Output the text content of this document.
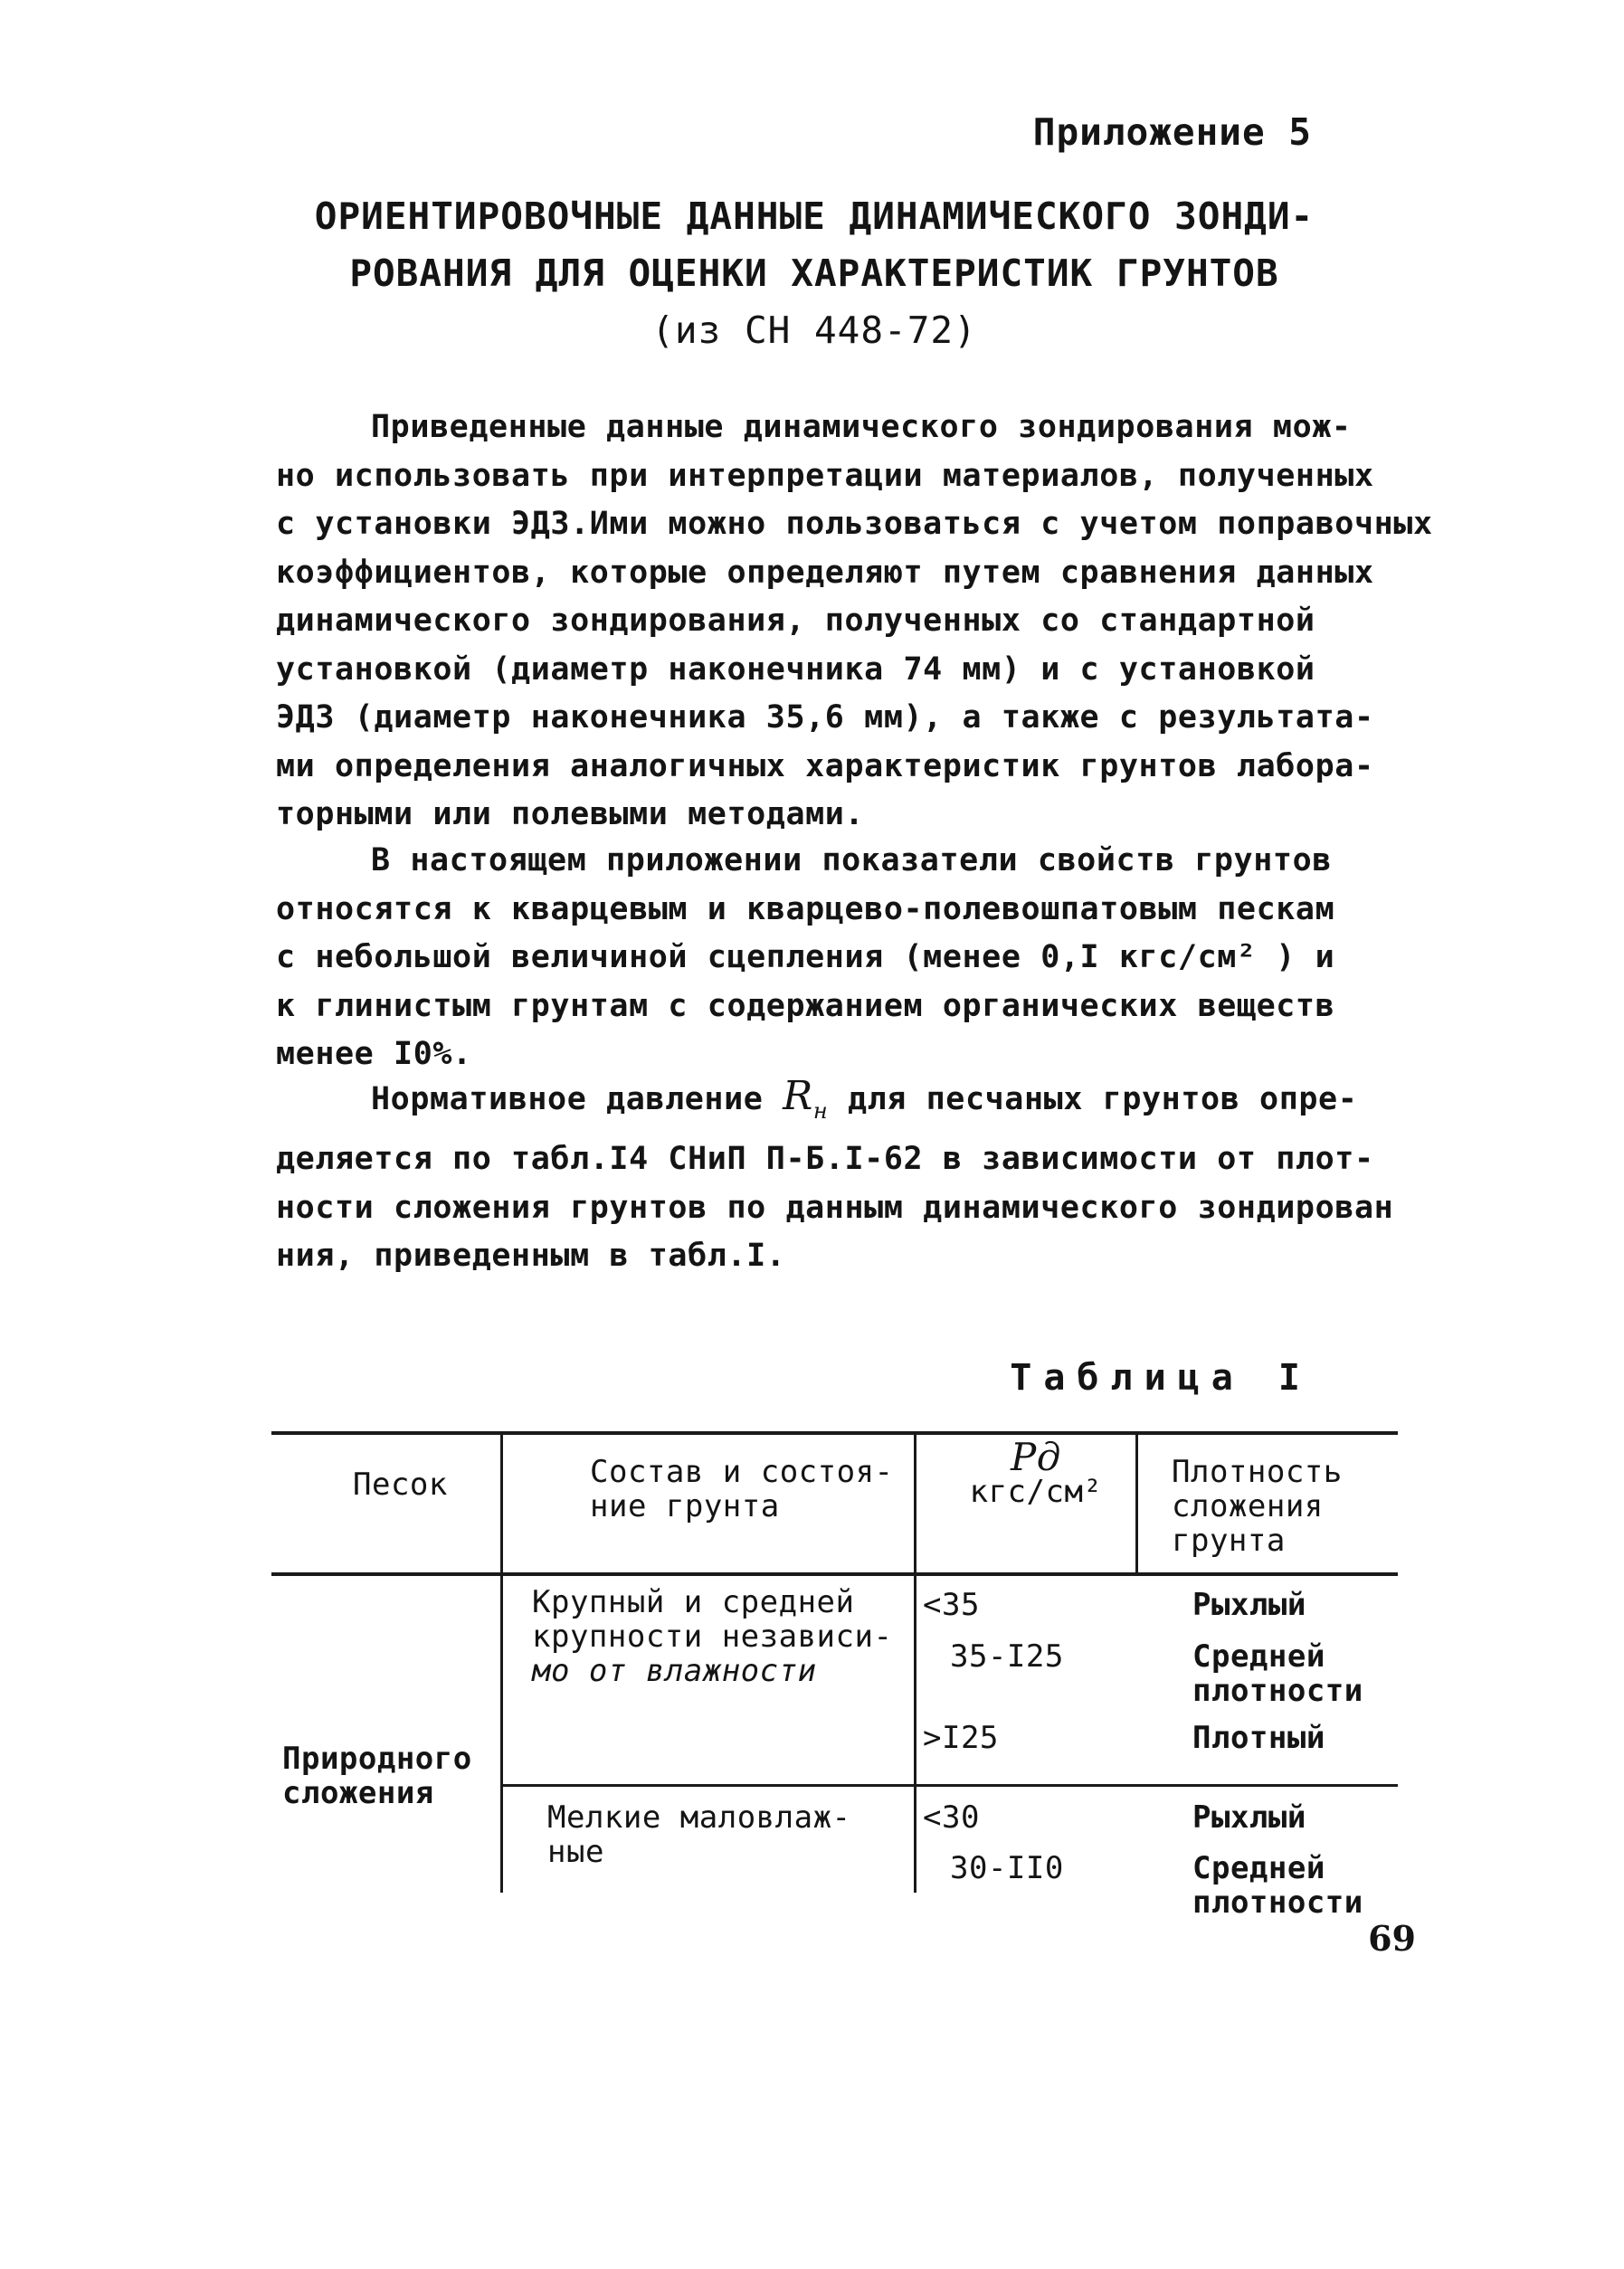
Приложение 5
ОРИЕНТИРОВОЧНЫЕ ДАННЫЕ ДИНАМИЧЕСКОГО ЗОНДИ-
РОВАНИЯ ДЛЯ ОЦЕНКИ ХАРАКТЕРИСТИК ГРУНТОВ
(из СН 448-72)
Приведенные данные динамического зондирования мож-
но использовать при интерпретации материалов, полученных
с установки ЭДЗ.Ими можно пользоваться с учетом поправочных
коэффициентов, которые определяют путем сравнения данных
динамического зондирования, полученных со стандартной
установкой (диаметр наконечника 74 мм) и с установкой
ЭДЗ (диаметр наконечника 35,6 мм), а также с результата-
ми определения аналогичных характеристик грунтов лабора-
торными или полевыми методами.
В настоящем приложении показатели свойств грунтов
относятся к кварцевым и кварцево-полевошпатовым пескам
с небольшой величиной сцепления (менее 0,I кгс/см² ) и
к глинистым грунтам с содержанием органических веществ
менее I0%.
Нормативное давление $R_н$ для песчаных грунтов опре-
деляется по табл.I4 СНиП П-Б.I-62 в зависимости от плот-
ности сложения грунтов по данным динамического зондирован
ния, приведенным в табл.I.
Таблица I
Песок	Состав и состоя-
ние грунта
Pд
кгс/см²
Плотность
сложения
грунта
Природного
сложения
Крупный и средней
крупности независи-
мо от влажности
<35
35-I25
>I25
Рыхлый
Средней
плотности
Плотный
Мелкие маловлаж-
ные
<30
30-II0
Рыхлый
Средней
плотности
69
